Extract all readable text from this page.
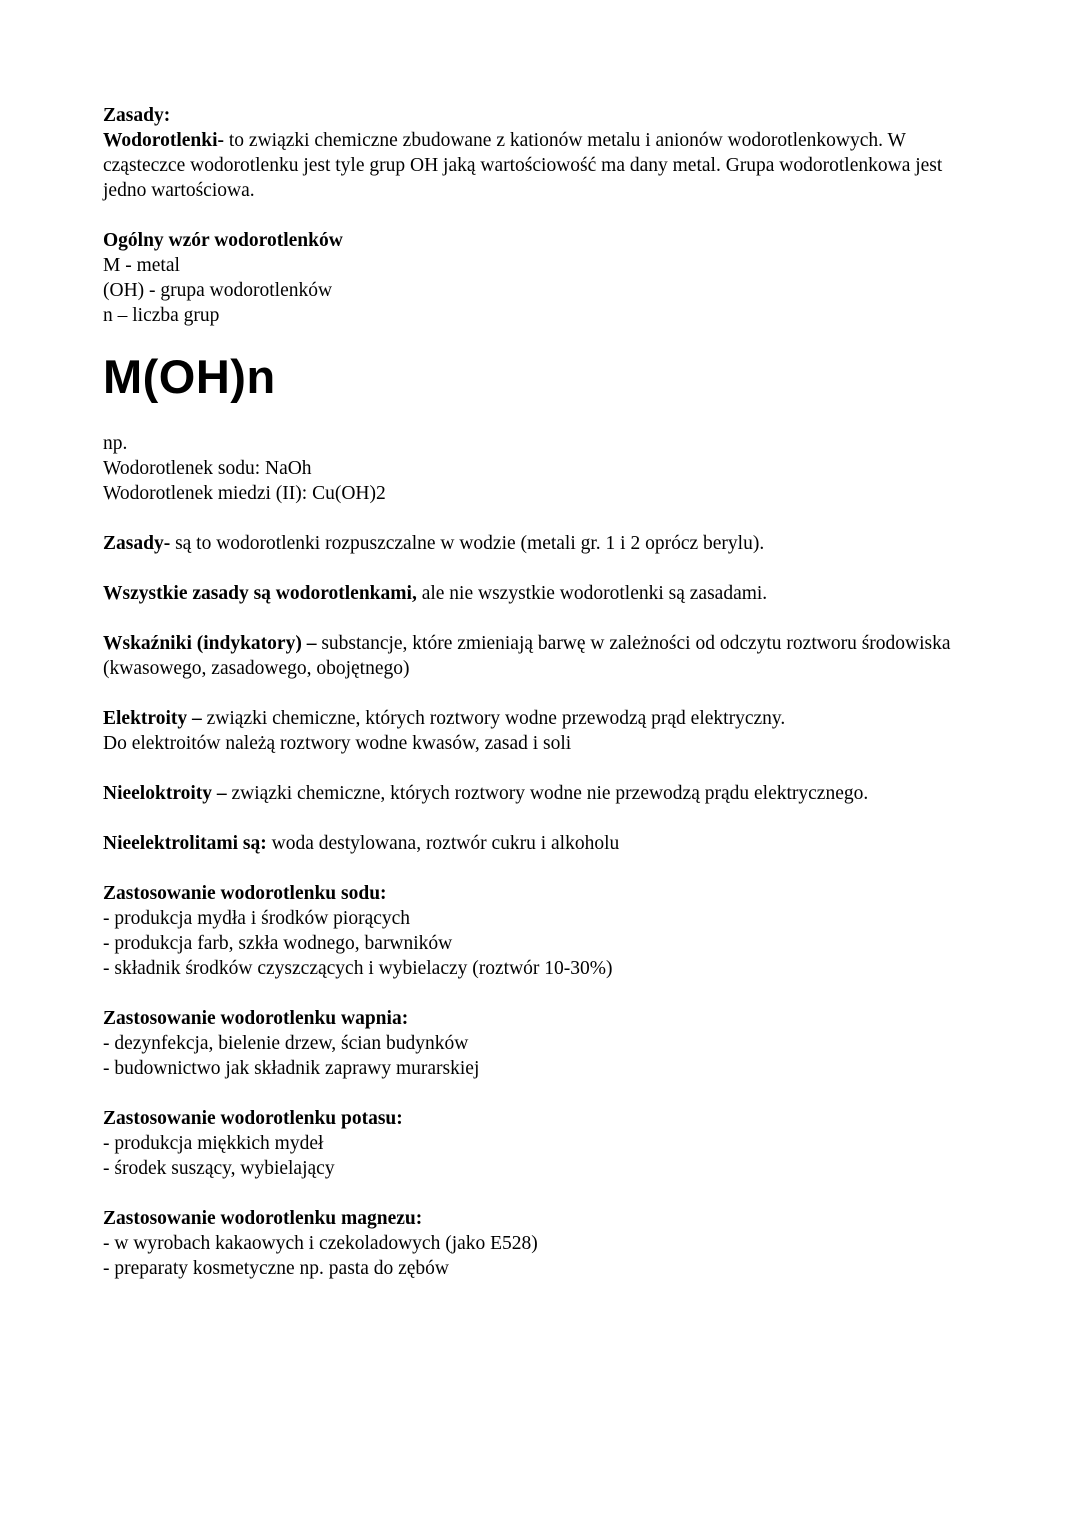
Zasady:
Wodorotlenki- to związki chemiczne zbudowane z kationów metalu i anionów wodorotlenkowych. W cząsteczce wodorotlenku jest tyle grup OH jaką wartościowość ma dany metal. Grupa wodorotlenkowa jest jedno wartościowa.
Ogólny wzór wodorotlenków
M - metal
(OH) - grupa wodorotlenków
n – liczba grup
M(OH)n
np.
Wodorotlenek sodu: NaOh
Wodorotlenek miedzi (II): Cu(OH)2
Zasady- są to wodorotlenki rozpuszczalne w wodzie (metali gr. 1 i 2 oprócz berylu).
Wszystkie zasady są wodorotlenkami, ale nie wszystkie wodorotlenki są zasadami.
Wskaźniki (indykatory) – substancje, które zmieniają barwę w zależności od odczytu roztworu środowiska (kwasowego, zasadowego, obojętnego)
Elektroity – związki chemiczne, których roztwory wodne przewodzą prąd elektryczny.
Do elektroitów należą roztwory wodne kwasów, zasad i soli
Nieeloktroity – związki chemiczne, których roztwory wodne nie przewodzą prądu elektrycznego.
Nieelektrolitami są: woda destylowana, roztwór cukru i alkoholu
Zastosowanie wodorotlenku sodu:
- produkcja mydła i środków piorących
- produkcja farb, szkła wodnego, barwników
- składnik środków czyszczących i wybielaczy (roztwór 10-30%)
Zastosowanie wodorotlenku wapnia:
- dezynfekcja, bielenie drzew, ścian budynków
- budownictwo jak składnik zaprawy murarskiej
Zastosowanie wodorotlenku potasu:
- produkcja miękkich mydeł
- środek suszący, wybielający
Zastosowanie wodorotlenku magnezu:
- w wyrobach kakaowych i czekoladowych (jako E528)
- preparaty kosmetyczne np. pasta do zębów
